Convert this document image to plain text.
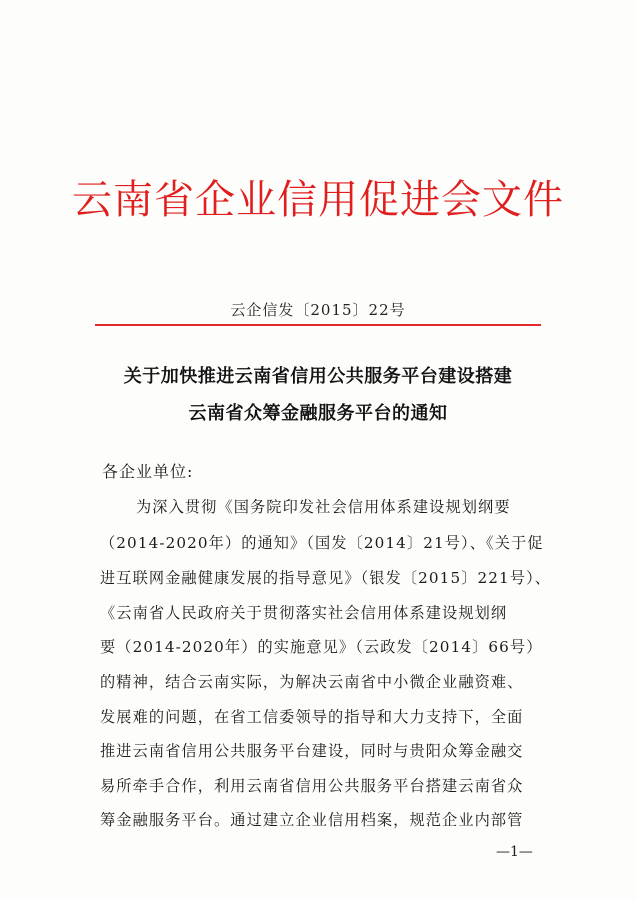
云南省企业信用促进会文件
云企信发〔2015〕22号
关于加快推进云南省信用公共服务平台建设搭建
云南省众筹金融服务平台的通知
各企业单位:
为深入贯彻《国务院印发社会信用体系建设规划纲要
（2014-2020年）的通知》（国发〔2014〕21号）、《关于促
进互联网金融健康发展的指导意见》（银发〔2015〕221号）、
《云南省人民政府关于贯彻落实社会信用体系建设规划纲
要（2014-2020年）的实施意见》（云政发〔2014〕66号）
的精神，结合云南实际，为解决云南省中小微企业融资难、
发展难的问题，在省工信委领导的指导和大力支持下，全面
推进云南省信用公共服务平台建设，同时与贵阳众筹金融交
易所牵手合作，利用云南省信用公共服务平台搭建云南省众
筹金融服务平台。通过建立企业信用档案，规范企业内部管
—1—
